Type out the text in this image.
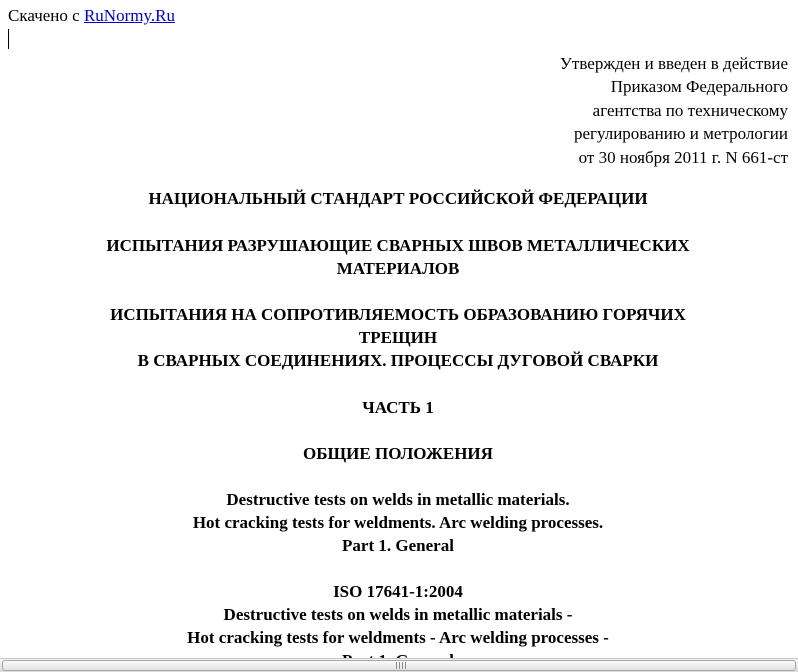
Скачено с RuNormy.Ru
Утвержден и введен в действие
Приказом Федерального
агентства по техническому
регулированию и метрологии
от 30 ноября 2011 г. N 661-ст
НАЦИОНАЛЬНЫЙ СТАНДАРТ РОССИЙСКОЙ ФЕДЕРАЦИИ
ИСПЫТАНИЯ РАЗРУШАЮЩИЕ СВАРНЫХ ШВОВ МЕТАЛЛИЧЕСКИХ
МАТЕРИАЛОВ
ИСПЫТАНИЯ НА СОПРОТИВЛЯЕМОСТЬ ОБРАЗОВАНИЮ ГОРЯЧИХ
ТРЕЩИН
В СВАРНЫХ СОЕДИНЕНИЯХ. ПРОЦЕССЫ ДУГОВОЙ СВАРКИ
ЧАСТЬ 1
ОБЩИЕ ПОЛОЖЕНИЯ
Destructive tests on welds in metallic materials.
Hot cracking tests for weldments. Arc welding processes.
Part 1. General
ISO 17641-1:2004
Destructive tests on welds in metallic materials -
Hot cracking tests for weldments - Arc welding processes -
